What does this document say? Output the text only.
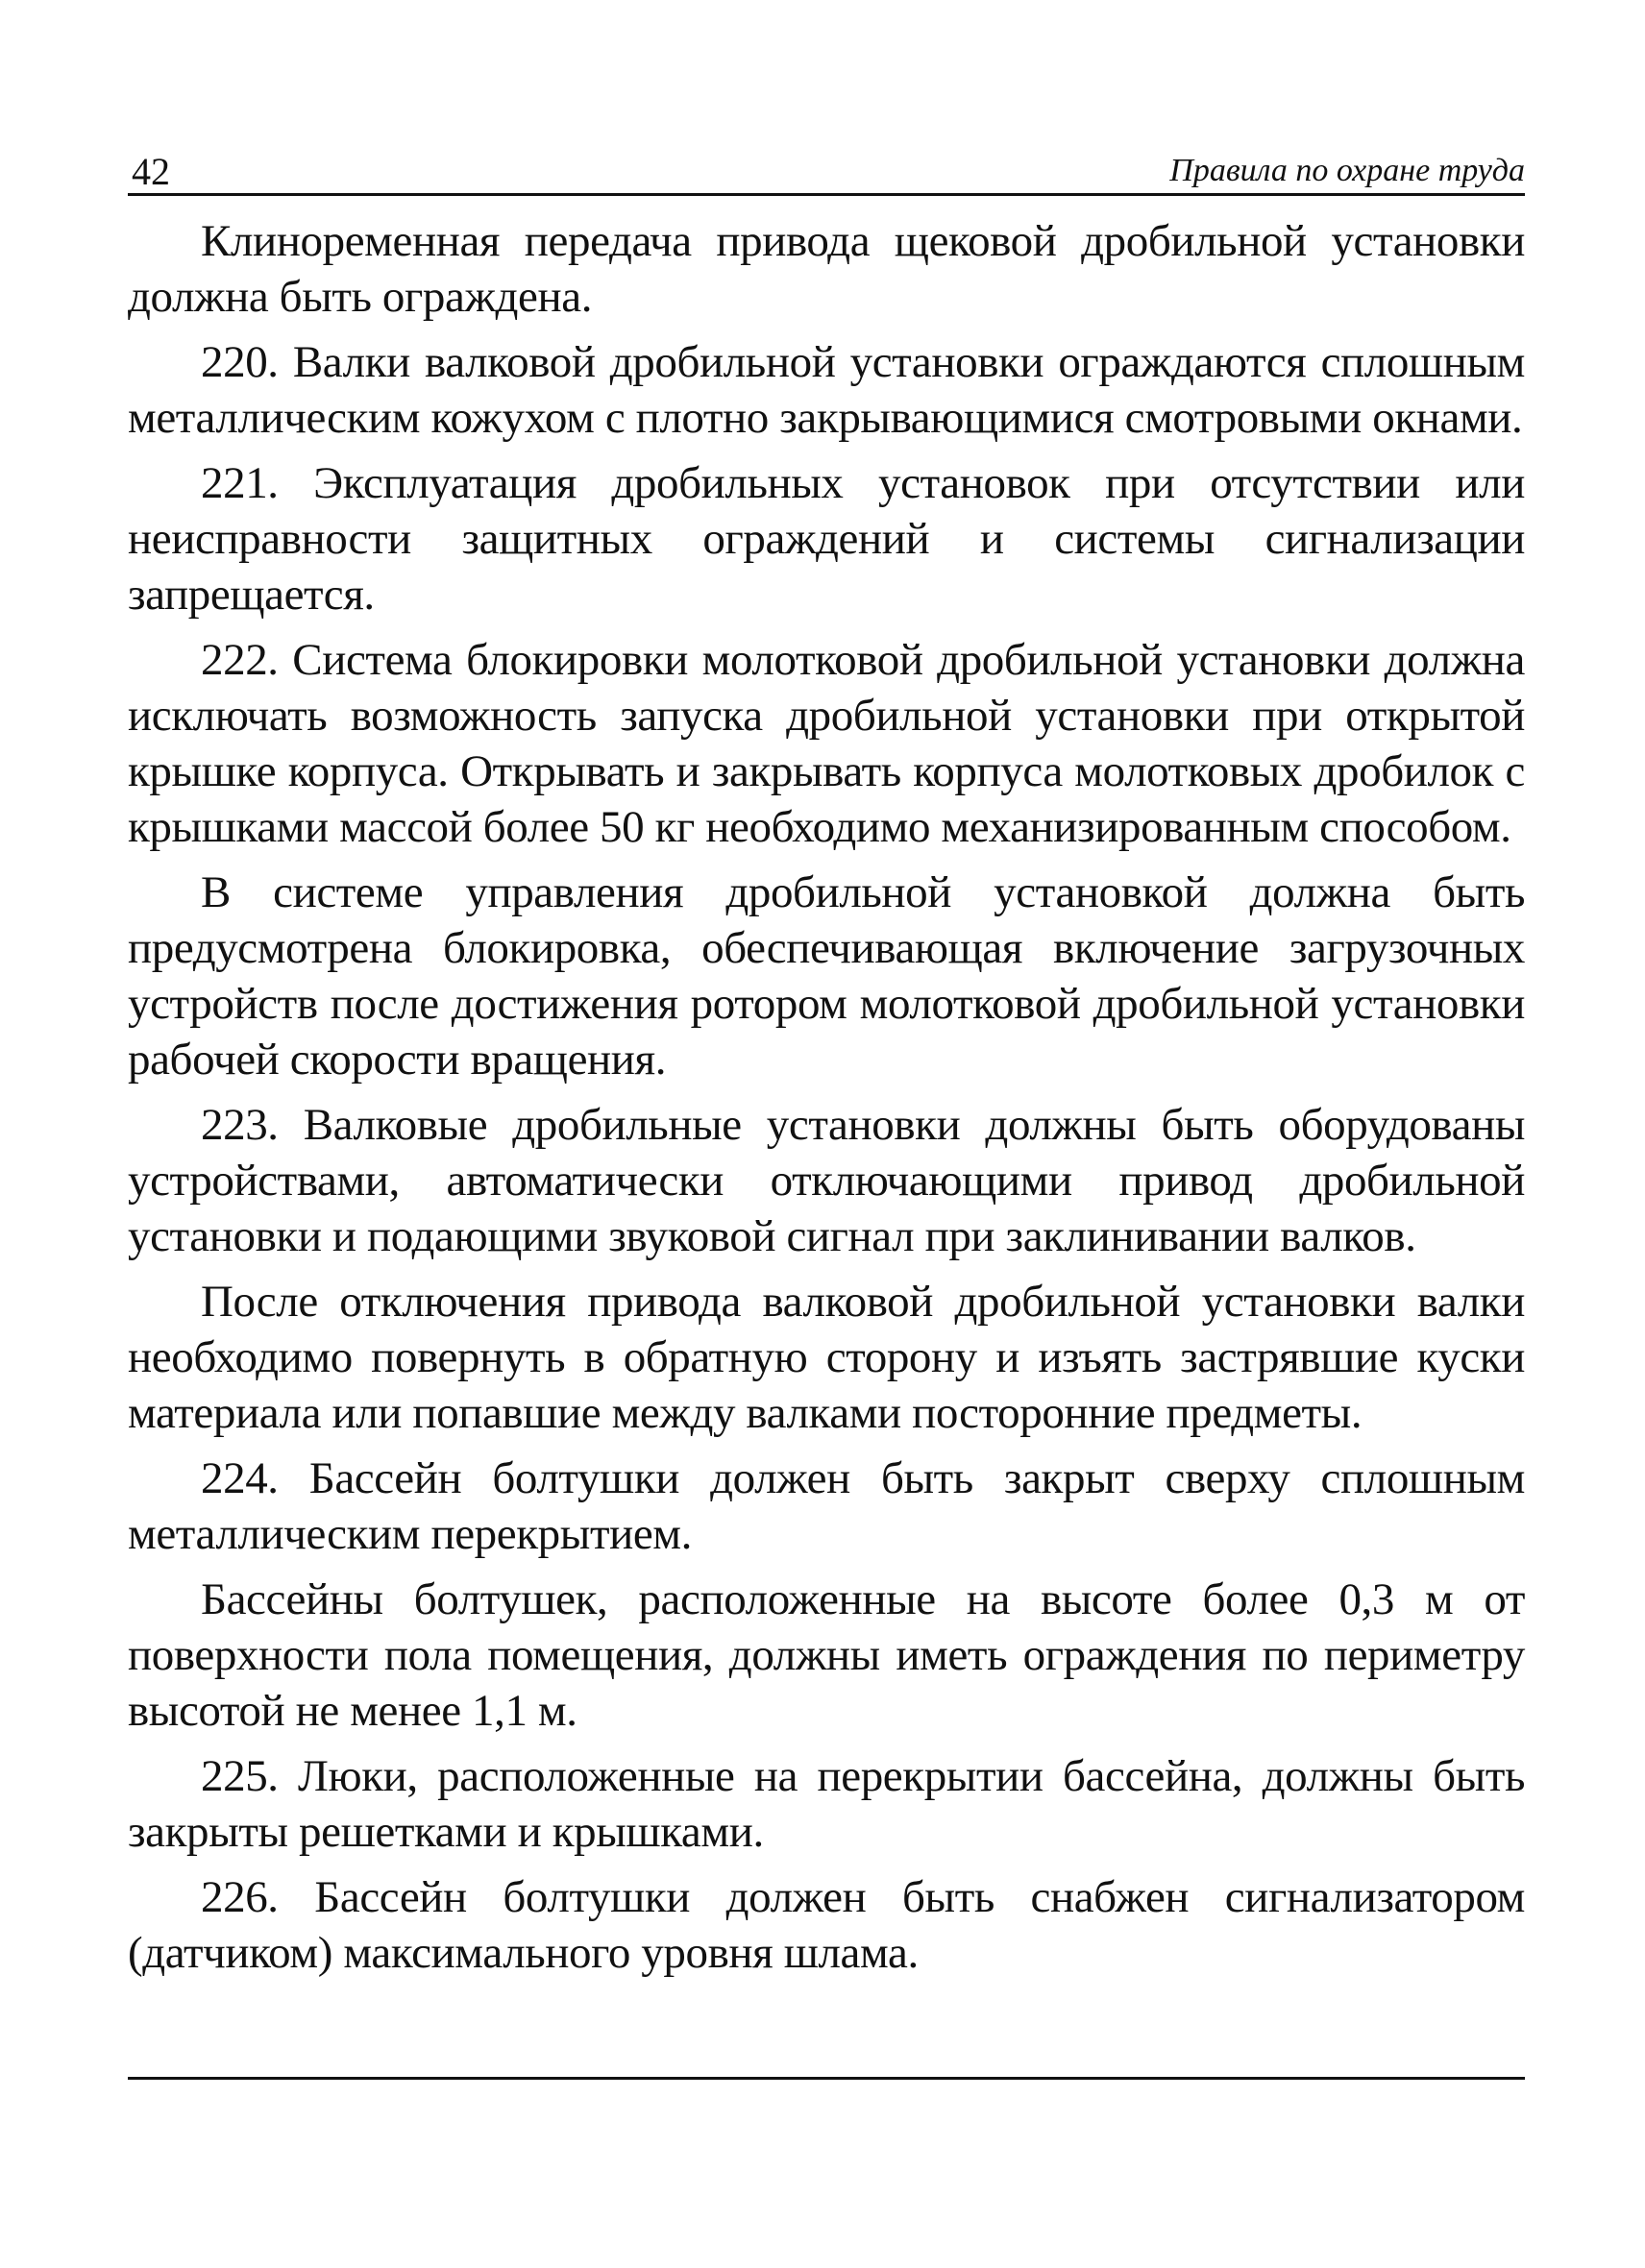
42	Правила по охране труда

Клиноременная передача привода щековой дробильной установки должна быть ограждена.

220. Валки валковой дробильной установки ограждаются сплошным металлическим кожухом с плотно закрывающимися смотровыми окнами.

221. Эксплуатация дробильных установок при отсутствии или неисправности защитных ограждений и системы сигнализации запрещается.

222. Система блокировки молотковой дробильной установки должна исключать возможность запуска дробильной установки при открытой крышке корпуса. Открывать и закрывать корпуса молотковых дробилок с крышками массой более 50 кг необходимо механизированным способом.

В системе управления дробильной установкой должна быть предусмотрена блокировка, обеспечивающая включение загрузочных устройств после достижения ротором молотковой дробильной установки рабочей скорости вращения.

223. Валковые дробильные установки должны быть оборудованы устройствами, автоматически отключающими привод дробильной установки и подающими звуковой сигнал при заклинивании валков.

После отключения привода валковой дробильной установки валки необходимо повернуть в обратную сторону и изъять застрявшие куски материала или попавшие между валками посторонние предметы.

224. Бассейн болтушки должен быть закрыт сверху сплошным металлическим перекрытием.

Бассейны болтушек, расположенные на высоте более 0,3 м от поверхности пола помещения, должны иметь ограждения по периметру высотой не менее 1,1 м.

225. Люки, расположенные на перекрытии бассейна, должны быть закрыты решетками и крышками.

226. Бассейн болтушки должен быть снабжен сигнализатором (датчиком) максимального уровня шлама.
